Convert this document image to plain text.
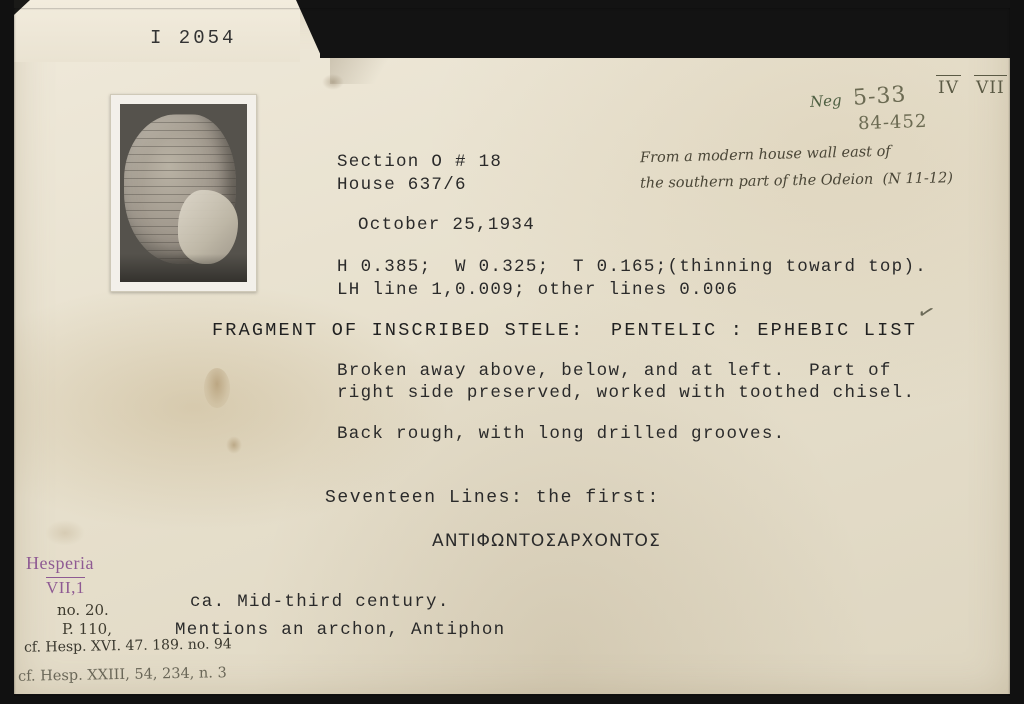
I 2054
Section O # 18
House 637/6
October 25,1934
H 0.385;  W 0.325;  T 0.165;(thinning toward top).
LH line 1,0.009; other lines 0.006
FRAGMENT OF INSCRIBED STELE:  PENTELIC : EPHEBIC LIST
Broken away above, below, and at left.  Part of
right side preserved, worked with toothed chisel.
Back rough, with long drilled grooves.
Seventeen Lines: the first:
ΑΝΤΙΦΩΝΤΟΣΑΡΧΟΝΤΟΣ
ca. Mid-third century.
Mentions an archon, Antiphon
Neg 5-33
84-452
IV VII
From a modern house wall east of
the southern part of the Odeion  (N 11-12)
✓
Hesperia
VII,1
no. 20.
P. 110,
cf. Hesp. XVI. 47. 189. no. 94
cf. Hesp. XXIII, 54, 234, n. 3
